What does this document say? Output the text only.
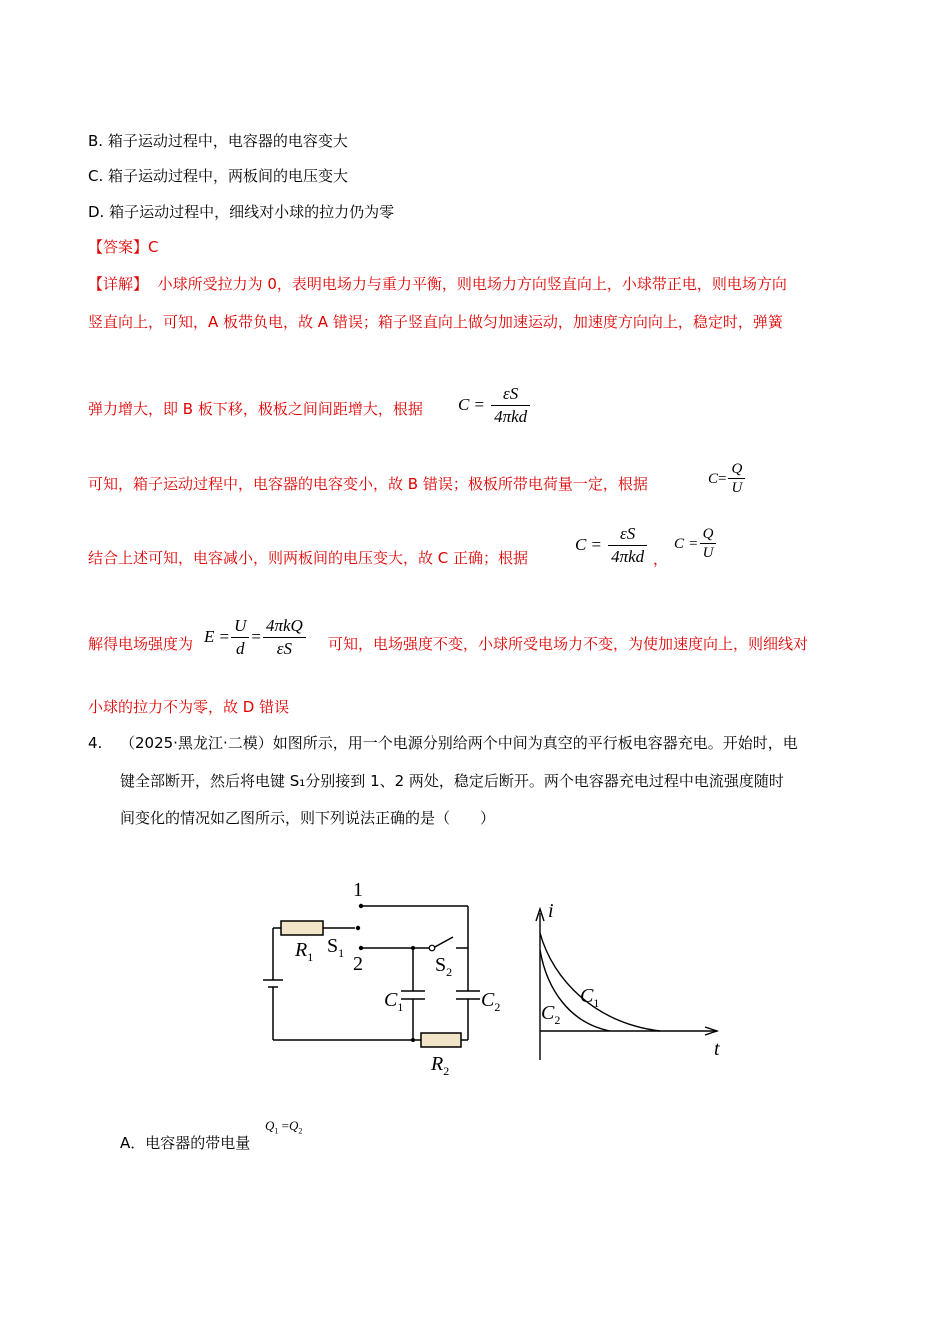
B. 箱子运动过程中，电容器的电容变大
C. 箱子运动过程中，两板间的电压变大
D. 箱子运动过程中，细线对小球的拉力仍为零
【答案】C
【详解】 小球所受拉力为 0，表明电场力与重力平衡，则电场力方向竖直向上，小球带正电，则电场方向
竖直向上，可知，A 板带负电，故 A 错误；箱子竖直向上做匀加速运动，加速度方向向上，稳定时，弹簧
弹力增大，即 B 板下移，极板之间间距增大，根据 $C = \frac{\varepsilon S}{\text{4πkd}}$
可知，箱子运动过程中，电容器的电容变小，故 B 错误；极板所带电荷量一定，根据	$C= \frac{Q}{U}$
结合上述可知，电容减小，则两板间的电压变大，故 C 正确；根据
$C = \frac{\varepsilon S}{\text{4πkd}}$ ，
$C = \frac{Q}{U}$
解得电场强度为 $E = \frac{U}{d} = \frac{\text{4πkQ}}{\varepsilon S}$ 可知，电场强度不变，小球所受电场力不变，为使加速度向上，则细线对
小球的拉力不为零，故 D 错误
4. （2025·黑龙江·二模）如图所示，用一个电源分别给两个中间为真空的平行板电容器充电。开始时，电
键全部断开，然后将电键 S₁分别接到 1、2 两处，稳定后断开。两个电容器充电过程中电流强度随时
间变化的情况如乙图所示，则下列说法正确的是（　　）
1
2
$R_1$ $S_1$
$S_2$
$C_1$	$C_2$
$R_2$
i
t
$C_1$
$C_2$
A．电容器的带电量
$Q_1 =Q_2$
